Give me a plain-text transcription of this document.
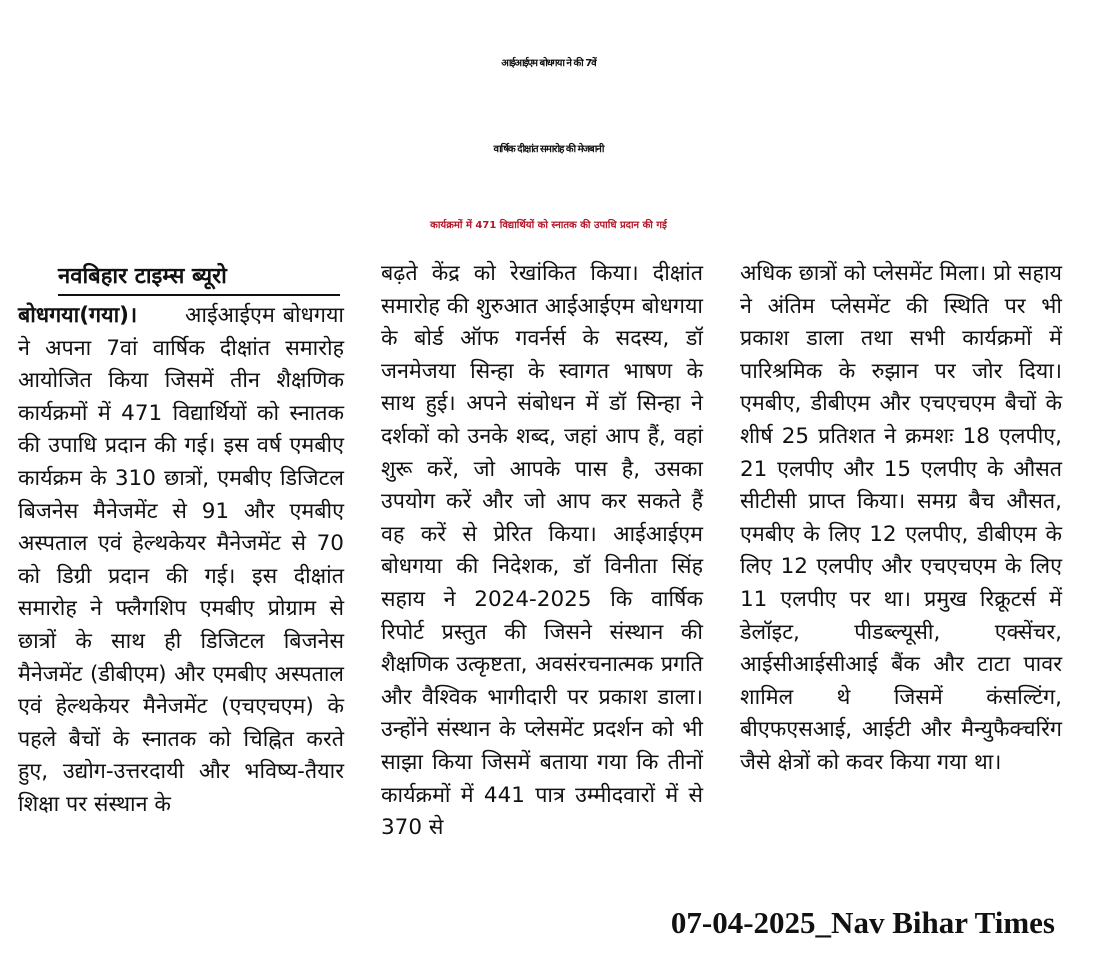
आईआईएम बोधगया ने की 7वें
वार्षिक दीक्षांत समारोह की मेजबानी
कार्यक्रमों में 471 विद्यार्थियों को स्नातक की उपाधि प्रदान की गई
नवबिहार टाइम्स ब्यूरो

बोधगया(गया)। आईआईएम बोधगया ने अपना 7वां वार्षिक दीक्षांत समारोह आयोजित किया जिसमें तीन शैक्षणिक कार्यक्रमों में 471 विद्यार्थियों को स्नातक की उपाधि प्रदान की गई। इस वर्ष एमबीए कार्यक्रम के 310 छात्रों, एमबीए डिजिटल बिजनेस मैनेजमेंट से 91 और एमबीए अस्पताल एवं हेल्थकेयर मैनेजमेंट से 70 को डिग्री प्रदान की गई। इस दीक्षांत समारोह ने फ्लैगशिप एमबीए प्रोग्राम से छात्रों के साथ ही डिजिटल बिजनेस मैनेजमेंट (डीबीएम) और एमबीए अस्पताल एवं हेल्थकेयर मैनेजमेंट (एचएचएम) के पहले बैचों के स्नातक को चिह्नित करते हुए, उद्योग-उत्तरदायी और भविष्य-तैयार शिक्षा पर संस्थान के

बढ़ते केंद्र को रेखांकित किया। दीक्षांत समारोह की शुरुआत आईआईएम बोधगया के बोर्ड ऑफ गवर्नर्स के सदस्य, डॉ जनमेजया सिन्हा के स्वागत भाषण के साथ हुई। अपने संबोधन में डॉ सिन्हा ने दर्शकों को उनके शब्द, जहां आप हैं, वहां शुरू करें, जो आपके पास है, उसका उपयोग करें और जो आप कर सकते हैं वह करें से प्रेरित किया। आईआईएम बोधगया की निदेशक, डॉ विनीता सिंह सहाय ने 2024-2025 कि वार्षिक रिपोर्ट प्रस्तुत की जिसने संस्थान की शैक्षणिक उत्कृष्टता, अवसंरचनात्मक प्रगति और वैश्विक भागीदारी पर प्रकाश डाला। उन्होंने संस्थान के प्लेसमेंट प्रदर्शन को भी साझा किया जिसमें बताया गया कि तीनों कार्यक्रमों में 441 पात्र उम्मीदवारों में से 370 से

अधिक छात्रों को प्लेसमेंट मिला। प्रो सहाय ने अंतिम प्लेसमेंट की स्थिति पर भी प्रकाश डाला तथा सभी कार्यक्रमों में पारिश्रमिक के रुझान पर जोर दिया। एमबीए, डीबीएम और एचएचएम बैचों के शीर्ष 25 प्रतिशत ने क्रमशः 18 एलपीए, 21 एलपीए और 15 एलपीए के औसत सीटीसी प्राप्त किया। समग्र बैच औसत, एमबीए के लिए 12 एलपीए, डीबीएम के लिए 12 एलपीए और एचएचएम के लिए 11 एलपीए पर था। प्रमुख रिक्रूटर्स में डेलॉइट, पीडब्ल्यूसी, एक्सेंचर, आईसीआईसीआई बैंक और टाटा पावर शामिल थे जिसमें कंसल्टिंग, बीएफएसआई, आईटी और मैन्युफैक्चरिंग जैसे क्षेत्रों को कवर किया गया था।

07-04-2025_Nav Bihar Times
